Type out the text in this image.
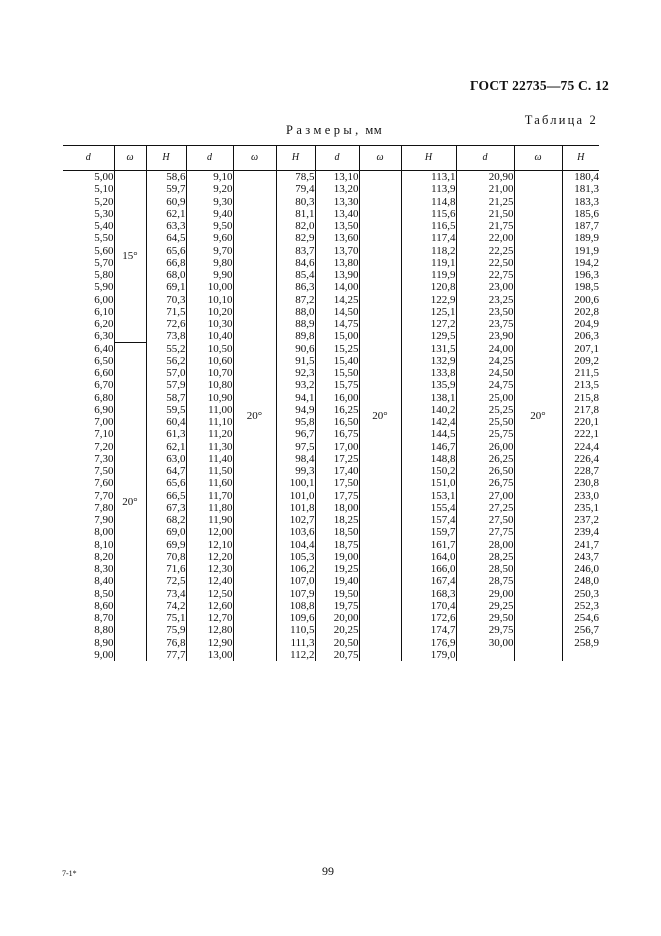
ГОСТ 22735—75 С. 12
Таблица 2
Размеры, мм
d	ω	H	d	ω	H	d	ω	H	d	ω	H
5,00	15°	58,6	9,10	20°	78,5	13,10	20°	113,1	20,90	20°	180,4
5,10		59,7	9,20		79,4	13,20		113,9	21,00		181,3
5,20		60,9	9,30		80,3	13,30		114,8	21,25		183,3
5,30		62,1	9,40		81,1	13,40		115,6	21,50		185,6
5,40		63,3	9,50		82,0	13,50		116,5	21,75		187,7
5,50		64,5	9,60		82,9	13,60		117,4	22,00		189,9
5,60		65,6	9,70		83,7	13,70		118,2	22,25		191,9
5,70		66,8	9,80		84,6	13,80		119,1	22,50		194,2
5,80		68,0	9,90		85,4	13,90		119,9	22,75		196,3
5,90		69,1	10,00		86,3	14,00		120,8	23,00		198,5
6,00		70,3	10,10		87,2	14,25		122,9	23,25		200,6
6,10		71,5	10,20		88,0	14,50		125,1	23,50		202,8
6,20		72,6	10,30		88,9	14,75		127,2	23,75		204,9
6,30		73,8	10,40		89,8	15,00		129,5	23,90		206,3
6,40	20°	55,2	10,50		90,6	15,25		131,5	24,00		207,1
6,50		56,2	10,60		91,5	15,40		132,9	24,25		209,2
6,60		57,0	10,70		92,3	15,50		133,8	24,50		211,5
6,70		57,9	10,80		93,2	15,75		135,9	24,75		213,5
6,80		58,7	10,90		94,1	16,00		138,1	25,00		215,8
6,90		59,5	11,00		94,9	16,25		140,2	25,25		217,8
7,00		60,4	11,10		95,8	16,50		142,4	25,50		220,1
7,10		61,3	11,20		96,7	16,75		144,5	25,75		222,1
7,20		62,1	11,30		97,5	17,00		146,7	26,00		224,4
7,30		63,0	11,40		98,4	17,25		148,8	26,25		226,4
7,50		64,7	11,50		99,3	17,40		150,2	26,50		228,7
7,60		65,6	11,60		100,1	17,50		151,0	26,75		230,8
7,70		66,5	11,70		101,0	17,75		153,1	27,00		233,0
7,80		67,3	11,80		101,8	18,00		155,4	27,25		235,1
7,90		68,2	11,90		102,7	18,25		157,4	27,50		237,2
8,00		69,0	12,00		103,6	18,50		159,7	27,75		239,4
8,10		69,9	12,10		104,4	18,75		161,7	28,00		241,7
8,20		70,8	12,20		105,3	19,00		164,0	28,25		243,7
8,30		71,6	12,30		106,2	19,25		166,0	28,50		246,0
8,40		72,5	12,40		107,0	19,40		167,4	28,75		248,0
8,50		73,4	12,50		107,9	19,50		168,3	29,00		250,3
8,60		74,2	12,60		108,8	19,75		170,4	29,25		252,3
8,70		75,1	12,70		109,6	20,00		172,6	29,50		254,6
8,80		75,9	12,80		110,5	20,25		174,7	29,75		256,7
8,90		76,8	12,90		111,3	20,50		176,9	30,00		258,9
9,00		77,7	13,00		112,2	20,75		179,0			
7-1*	99
